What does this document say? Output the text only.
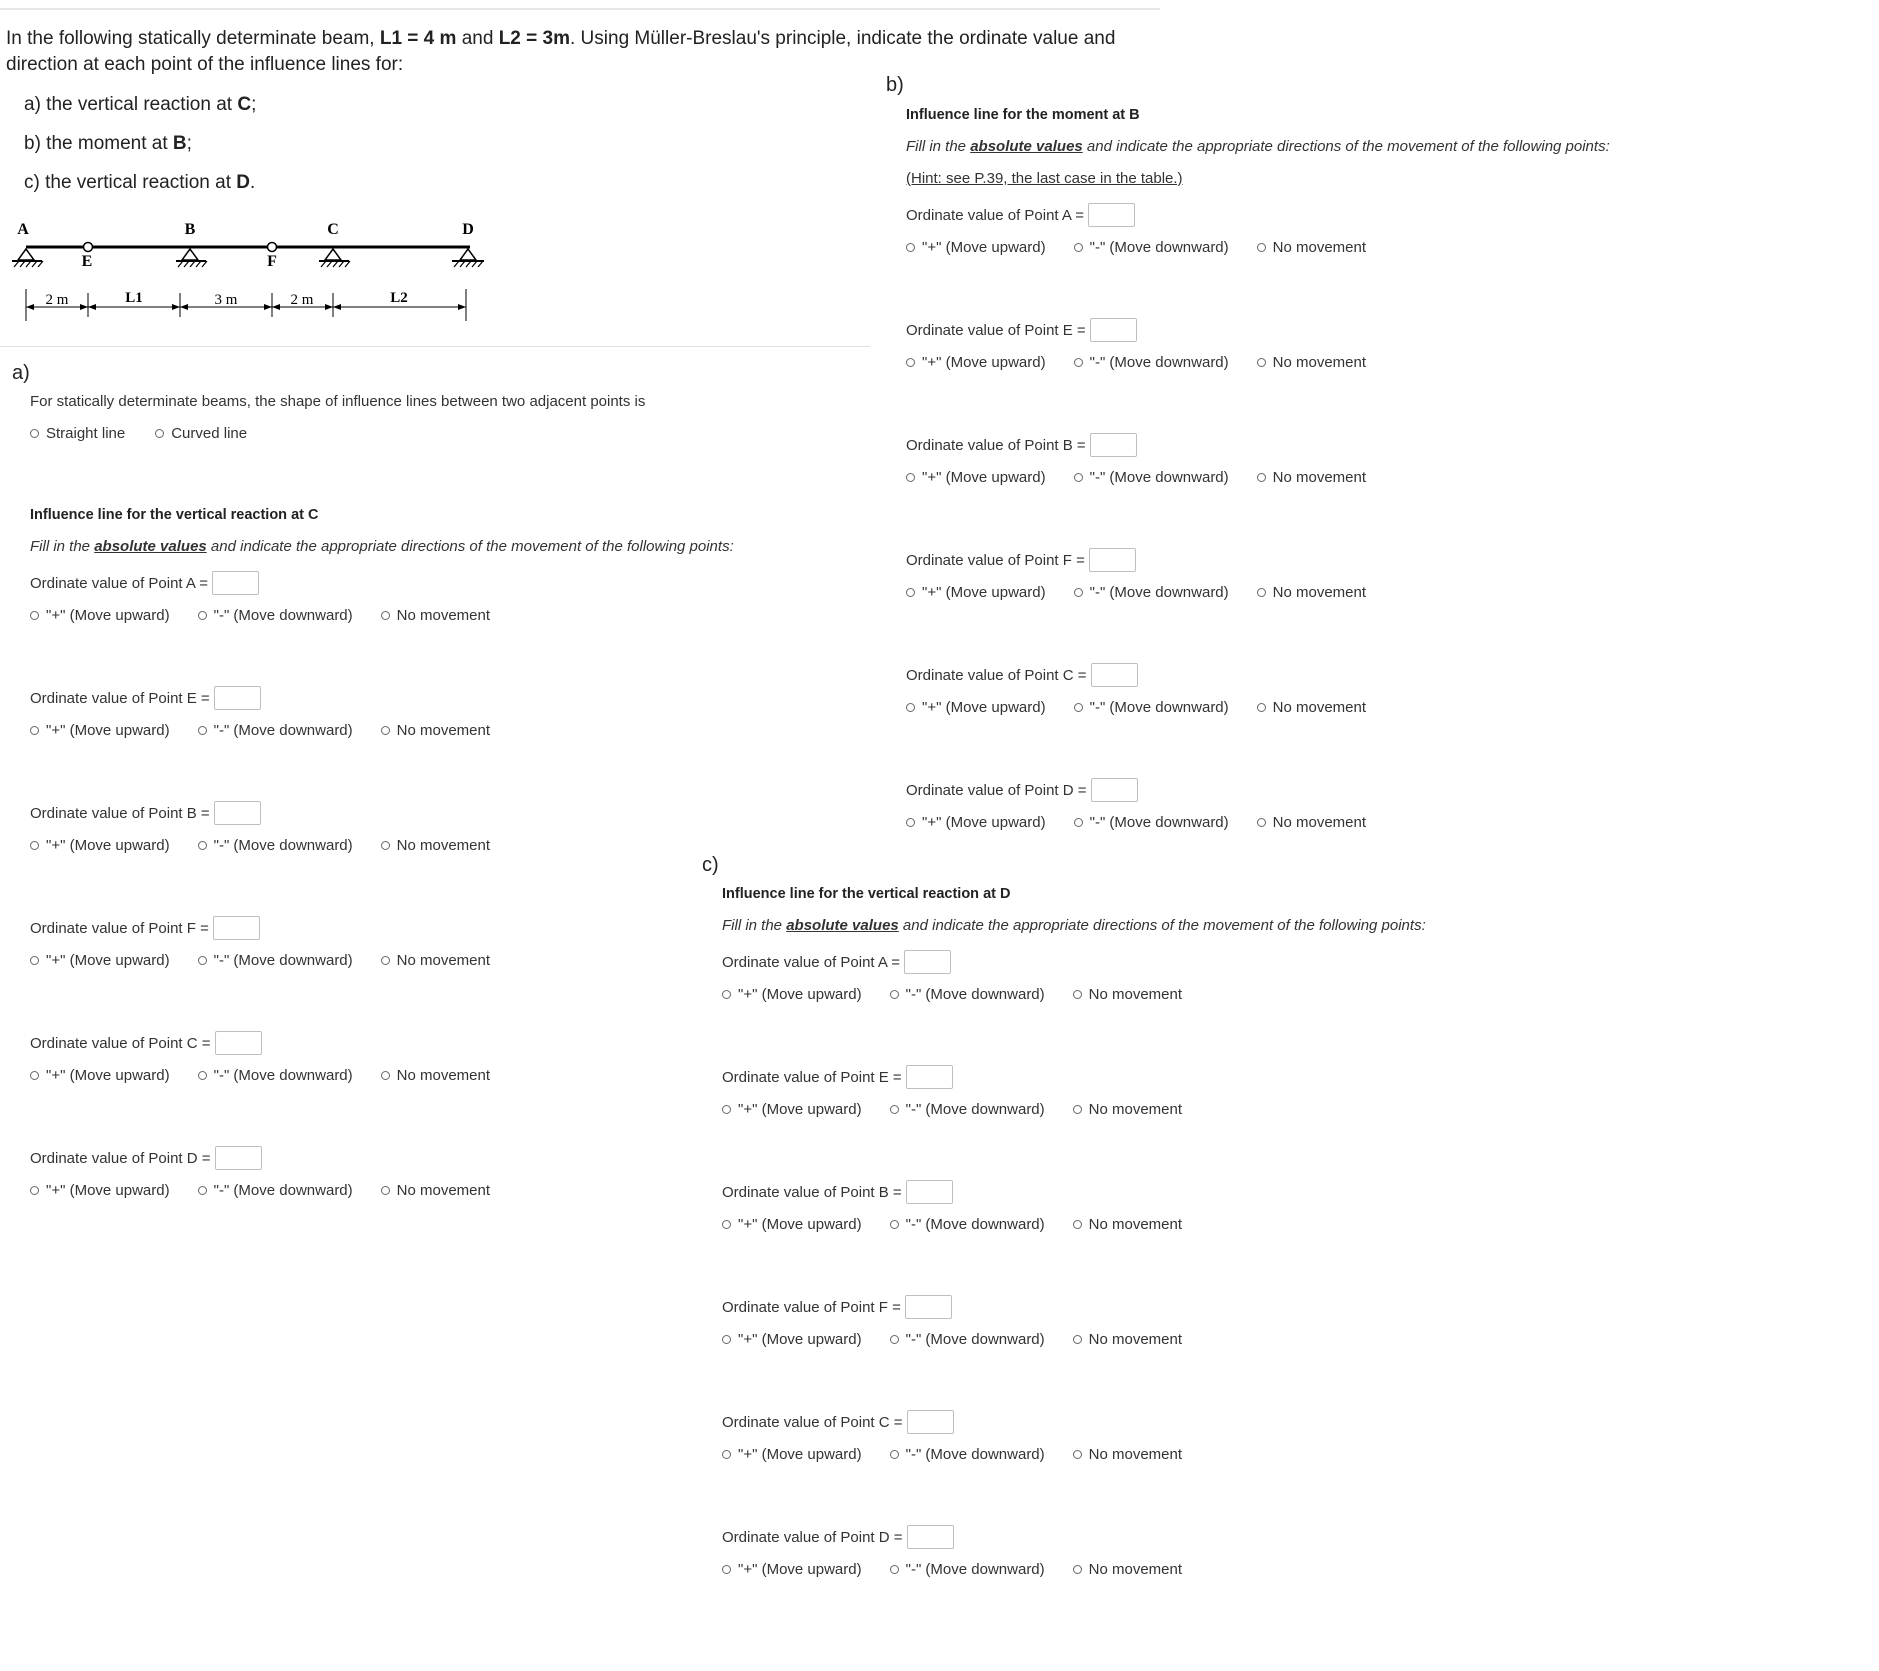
In the following statically determinate beam, L1 = 4 m and L2 = 3m. Using Müller-Breslau's principle, indicate the ordinate value and direction at each point of the influence lines for:
a) the vertical reaction at C;
b) the moment at B;
c) the vertical reaction at D.
A	B	C	D
E	F
2 m	L1	3 m	2 m	L2
a)
b)
c)
For statically determinate beams, the shape of influence lines between two adjacent points is
Straight line	Curved line
Influence line for the vertical reaction at C
Fill in the absolute values and indicate the appropriate directions of the movement of the following points:
Ordinate value of Point A =
"+" (Move upward)	"-" (Move downward)	No movement
Ordinate value of Point E =
"+" (Move upward)	"-" (Move downward)	No movement
Ordinate value of Point B =
"+" (Move upward)	"-" (Move downward)	No movement
Ordinate value of Point F =
"+" (Move upward)	"-" (Move downward)	No movement
Ordinate value of Point C =
"+" (Move upward)	"-" (Move downward)	No movement
Ordinate value of Point D =
"+" (Move upward)	"-" (Move downward)	No movement
Influence line for the moment at B
Fill in the absolute values and indicate the appropriate directions of the movement of the following points:
(Hint: see P.39, the last case in the table.)
Ordinate value of Point A =
"+" (Move upward)	"-" (Move downward)	No movement
Ordinate value of Point E =
"+" (Move upward)	"-" (Move downward)	No movement
Ordinate value of Point B =
"+" (Move upward)	"-" (Move downward)	No movement
Ordinate value of Point F =
"+" (Move upward)	"-" (Move downward)	No movement
Ordinate value of Point C =
"+" (Move upward)	"-" (Move downward)	No movement
Ordinate value of Point D =
"+" (Move upward)	"-" (Move downward)	No movement
Influence line for the vertical reaction at D
Fill in the absolute values and indicate the appropriate directions of the movement of the following points:
Ordinate value of Point A =
"+" (Move upward)	"-" (Move downward)	No movement
Ordinate value of Point E =
"+" (Move upward)	"-" (Move downward)	No movement
Ordinate value of Point B =
"+" (Move upward)	"-" (Move downward)	No movement
Ordinate value of Point F =
"+" (Move upward)	"-" (Move downward)	No movement
Ordinate value of Point C =
"+" (Move upward)	"-" (Move downward)	No movement
Ordinate value of Point D =
"+" (Move upward)	"-" (Move downward)	No movement
